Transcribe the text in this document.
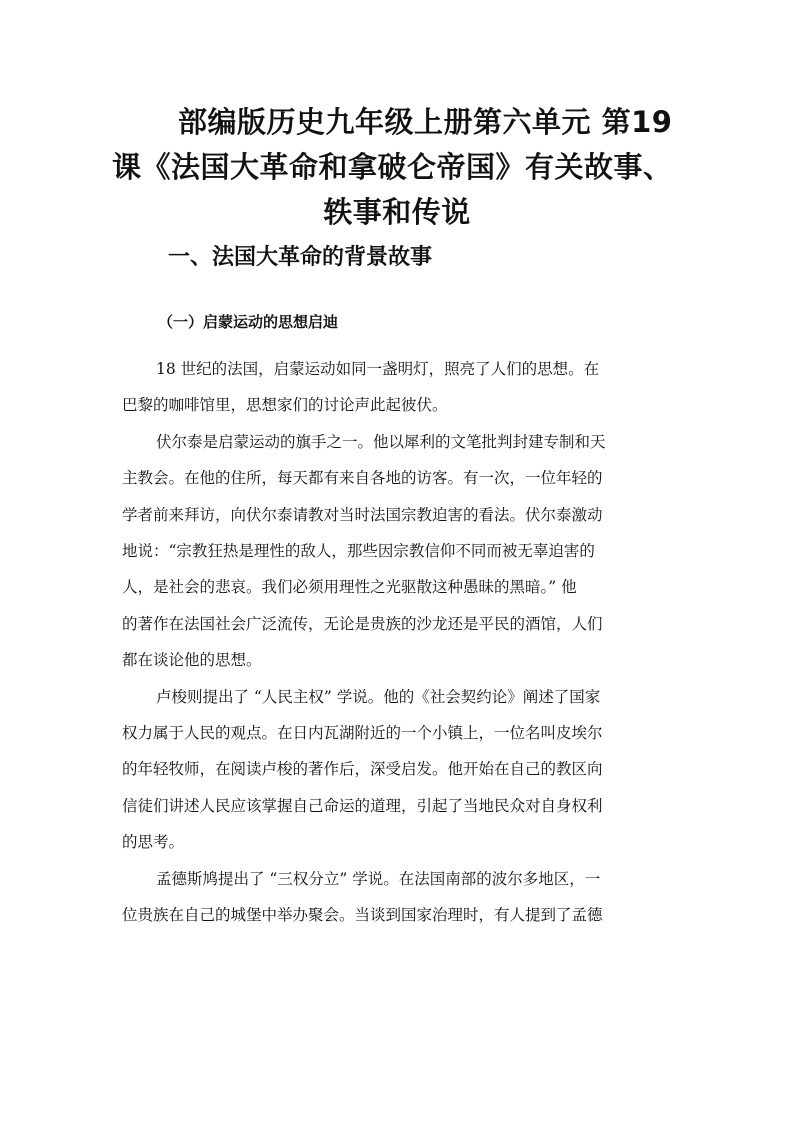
部编版历史九年级上册第六单元 第19
课《法国大革命和拿破仑帝国》有关故事、
轶事和传说
一、法国大革命的背景故事
（一）启蒙运动的思想启迪

18 世纪的法国，启蒙运动如同一盏明灯，照亮了人们的思想。在
巴黎的咖啡馆里，思想家们的讨论声此起彼伏。

伏尔泰是启蒙运动的旗手之一。他以犀利的文笔批判封建专制和天
主教会。在他的住所，每天都有来自各地的访客。有一次，一位年轻的
学者前来拜访，向伏尔泰请教对当时法国宗教迫害的看法。伏尔泰激动
地说：“宗教狂热是理性的敌人，那些因宗教信仰不同而被无辜迫害的
人，是社会的悲哀。我们必须用理性之光驱散这种愚昧的黑暗。” 他
的著作在法国社会广泛流传，无论是贵族的沙龙还是平民的酒馆，人们
都在谈论他的思想。

卢梭则提出了 “人民主权” 学说。他的《社会契约论》阐述了国家
权力属于人民的观点。在日内瓦湖附近的一个小镇上，一位名叫皮埃尔
的年轻牧师，在阅读卢梭的著作后，深受启发。他开始在自己的教区向
信徒们讲述人民应该掌握自己命运的道理，引起了当地民众对自身权利
的思考。

孟德斯鸠提出了 “三权分立” 学说。在法国南部的波尔多地区，一
位贵族在自己的城堡中举办聚会。当谈到国家治理时，有人提到了孟德
